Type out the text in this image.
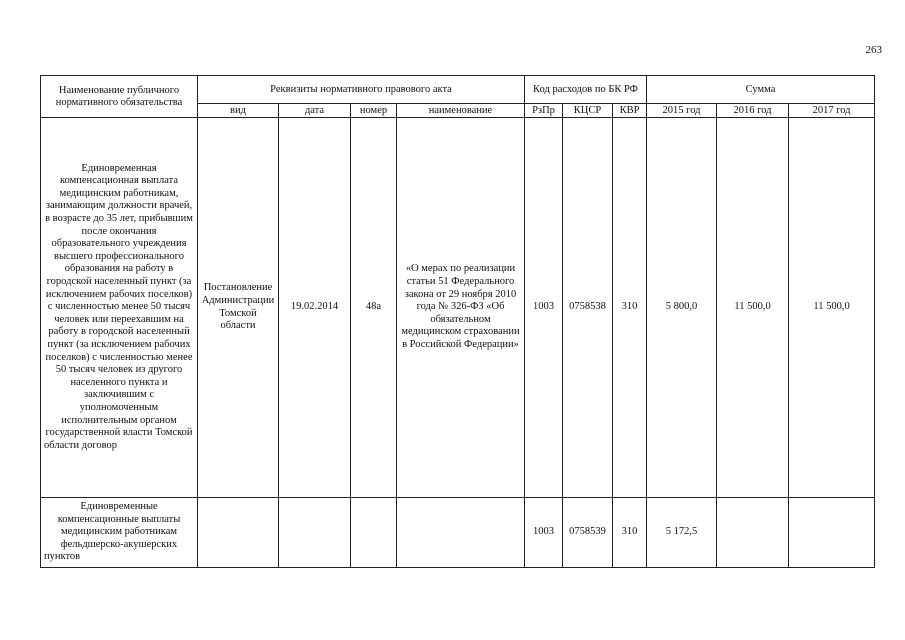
263
Наименование публичного нормативного обязательства	Реквизиты нормативного правового акта				Код расходов по БК РФ			Сумма		
	вид	дата	номер	наименование	РзПр	КЦСР	КВР	2015 год	2016 год	2017 год
Единовременная компенсационная выплата медицинским работникам, занимающим должности врачей, в возрасте до 35 лет, прибывшим после окончания образовательного учреждения высшего профессионального образования на работу в городской населенный пункт (за исключением рабочих поселков) с численностью менее 50 тысяч человек или переехавшим на работу в городской населенный пункт (за исключением рабочих поселков) с численностью менее 50 тысяч человек из другого населенного пункта и заключившим с уполномоченным исполнительным органом государственной власти Томской области договор	Постановление Администрации Томской области	19.02.2014	48а	«О мерах по реализации статьи 51 Федерального закона от 29 ноября 2010 года № 326-ФЗ «Об обязательном медицинском страховании в Российской Федерации»	1003	0758538	310	5 800,0	11 500,0	11 500,0
Единовременные компенсационные выплаты медицинским работникам фельдшерско-акушерских пунктов					1003	0758539	310	5 172,5		
